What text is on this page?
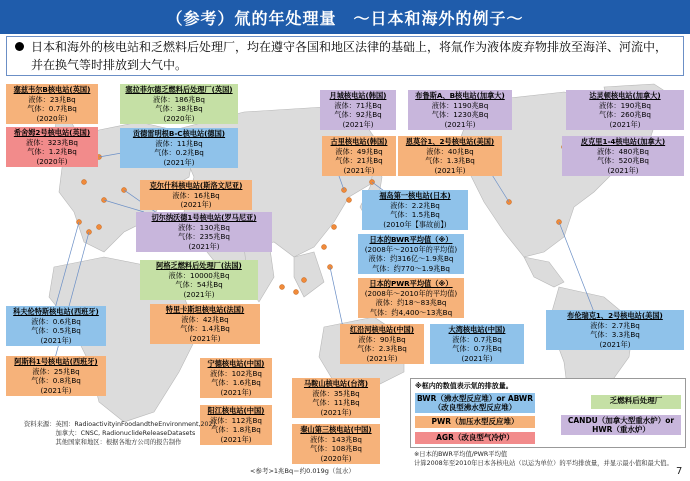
（参考）氚的年处理量　～日本和海外的例子～
日本和海外的核电站和乏燃料后处理厂，均在遵守各国和地区法律的基础上，将氚作为液体废弃物排放至海洋、河流中，并在换气等时排放到大气中。
塞兹韦尔B核电站(英国)
液体：23兆Bq
气体：0.7兆Bq
(2020年)
希舍姆2号核电站(英国)
液体：323兆Bq
气体：1.2兆Bq
(2020年)
塞拉菲尔德乏燃料后处理厂(英国)
液体：186兆Bq
气体：38兆Bq
(2020年)
贡德雷明根B-C核电站(德国)
液体：11兆Bq
气体：0.2兆Bq
(2021年)
克尔什科核电站(斯洛文尼亚)
液体：16兆Bq
(2021年)
切尔纳沃德1号核电站(罗马尼亚)
液体：130兆Bq
气体：235兆Bq
(2021年)
阿格乏燃料后处理厂(法国)
液体：10000兆Bq
气体：54兆Bq
(2021年)
特里卡斯坦核电站(法国)
液体：42兆Bq
气体：1.4兆Bq
(2021年)
科夫伦特斯核电站(西班牙)
液体：0.6兆Bq
气体：0.5兆Bq
(2021年)
阿斯科1号核电站(西班牙)
液体：25兆Bq
气体：0.8兆Bq
(2021年)
宁德核电站(中国)
液体：102兆Bq
气体：1.6兆Bq
(2021年)
阳江核电站(中国)
液体：112兆Bq
气体：1.8兆Bq
(2021年)
马鞍山核电站(台湾)
液体：35兆Bq
气体：11兆Bq
(2021年)
秦山第三核电站(中国)
液体：143兆Bq
气体：108兆Bq
(2020年)
月城核电站(韩国)
液体：71兆Bq
气体：92兆Bq
(2021年)
古里核电站(韩国)
液体：49兆Bq
气体：21兆Bq
(2021年)
福岛第一核电站(日本)
液体：2.2兆Bq
气体：1.5兆Bq
(2010年【事故前】)
日本的BWR平均值（※）
(2008年～2010年的平均值)
液体：约316亿～1.9兆Bq
气体：约770～1.9兆Bq
日本的PWR平均值（※）
(2008年～2010年的平均值)
液体：约18～83兆Bq
气体：约4,400～13兆Bq
红沿河核电站(中国)
液体：90兆Bq
气体：2.3兆Bq
(2021年)
大湾核电站(中国)
液体：0.7兆Bq
气体：0.7兆Bq
(2021年)
布鲁斯A、B核电站(加拿大)
液体：1190兆Bq
气体：1230兆Bq
(2021年)
恩莫谷1、2号核电站(美国)
液体：40兆Bq
气体：1.3兆Bq
(2021年)
达灵顿核电站(加拿大)
液体：190兆Bq
气体：260兆Bq
(2021年)
皮克里1-4核电站(加拿大)
液体：480兆Bq
气体：520兆Bq
(2021年)
布伦瑞克1、2号核电站(美国)
液体：2.7兆Bq
气体：3.3兆Bq
(2021年)
※框内的数值表示氚的排放量。
BWR（沸水型反应堆）or ABWR（改良型沸水型反应堆）
PWR（加压水型反应堆）
AGR（改良型气冷炉）
乏燃料后处理厂
CANDU（加拿大型重水炉）or HWR（重水炉）
资料来源：英国：RadioactivityinFoodandtheEnvironment,2021
　　　　　加拿大：CNSC, RadionuclideReleaseDatasets
　　　　　其他国家和地区：根据各地方公司的报告制作
※日本的BWR平均值/PWR平均值
计算2008年至2010年日本各核电站（以运为单位）的平均排放量，并显示最小值和最大值。
<参考>1兆Bq＝约0.019g（氚水）	7
